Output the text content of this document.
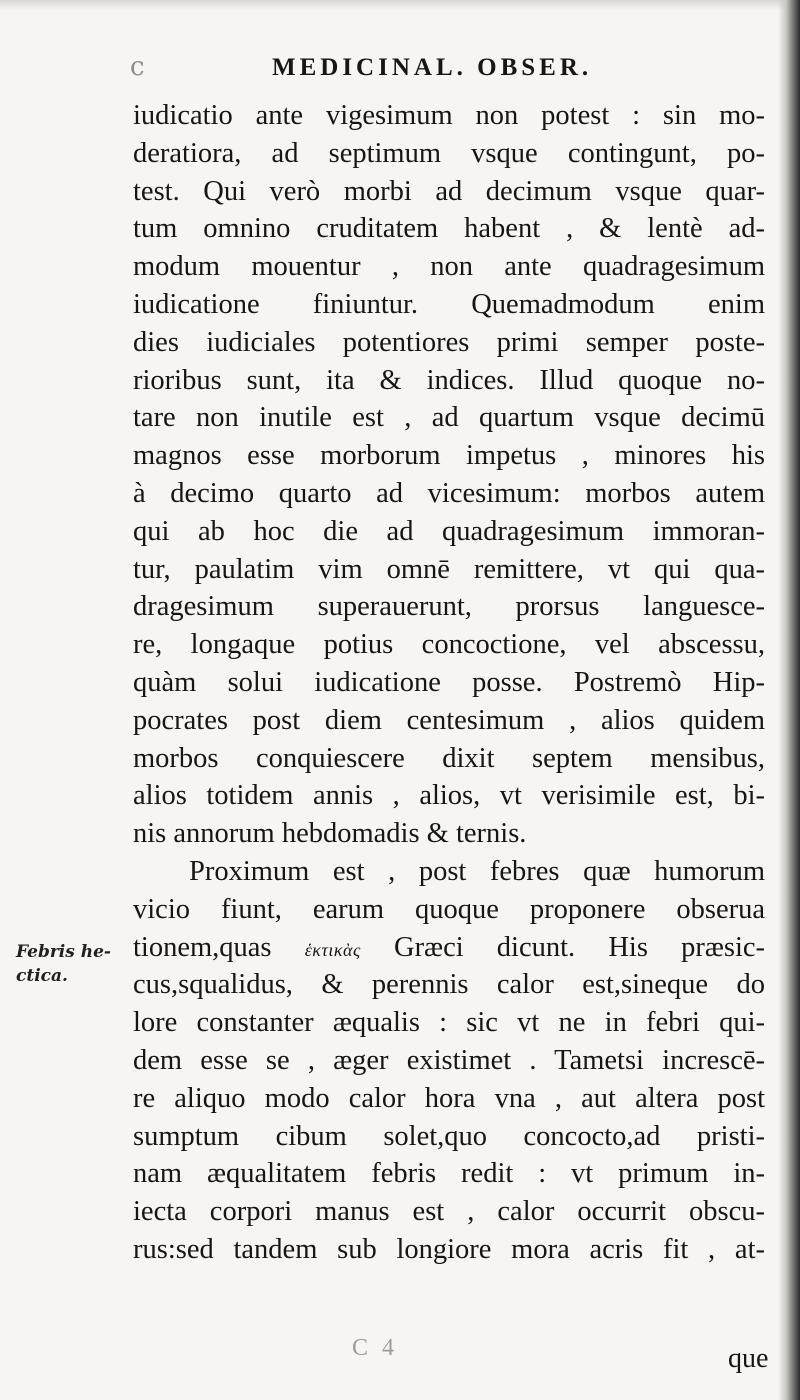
c	MEDICINAL. OBSER.
iudicatio ante vigesimum non potest : sin mo-
deratiora, ad septimum vsque contingunt, po-
test. Qui verò morbi ad decimum vsque quar-
tum omnino cruditatem habent , & lentè ad-
modum mouentur , non ante quadragesimum
iudicatione finiuntur. Quemadmodum enim
dies iudiciales potentiores primi semper poste-
rioribus sunt, ita & indices. Illud quoque no-
tare non inutile est , ad quartum vsque decimū
magnos esse morborum impetus , minores his
à decimo quarto ad vicesimum: morbos autem
qui ab hoc die ad quadragesimum immoran-
tur, paulatim vim omnē remittere, vt qui qua-
dragesimum superauerunt, prorsus languesce-
re, longaque potius concoctione, vel abscessu,
quàm solui iudicatione posse. Postremò Hip-
pocrates post diem centesimum , alios quidem
morbos conquiescere dixit septem mensibus,
alios totidem annis , alios, vt verisimile est, bi-
nis annorum hebdomadis & ternis.
Proximum est , post febres quæ humorum
vicio fiunt, earum quoque proponere obserua
tionem,quas ἑκτικὰς Græci dicunt. His præsic-
cus,squalidus, & perennis calor est,sineque do
lore constanter æqualis : sic vt ne in febri qui-
dem esse se , æger existimet . Tametsi increscē-
re aliquo modo calor hora vna , aut altera post
sumptum cibum solet,quo concocto,ad pristi-
nam æqualitatem febris redit : vt primum in-
iecta corpori manus est , calor occurrit obscu-
rus:sed tandem sub longiore mora acris fit , at-
Febris he-
ctica.
C 4	que
